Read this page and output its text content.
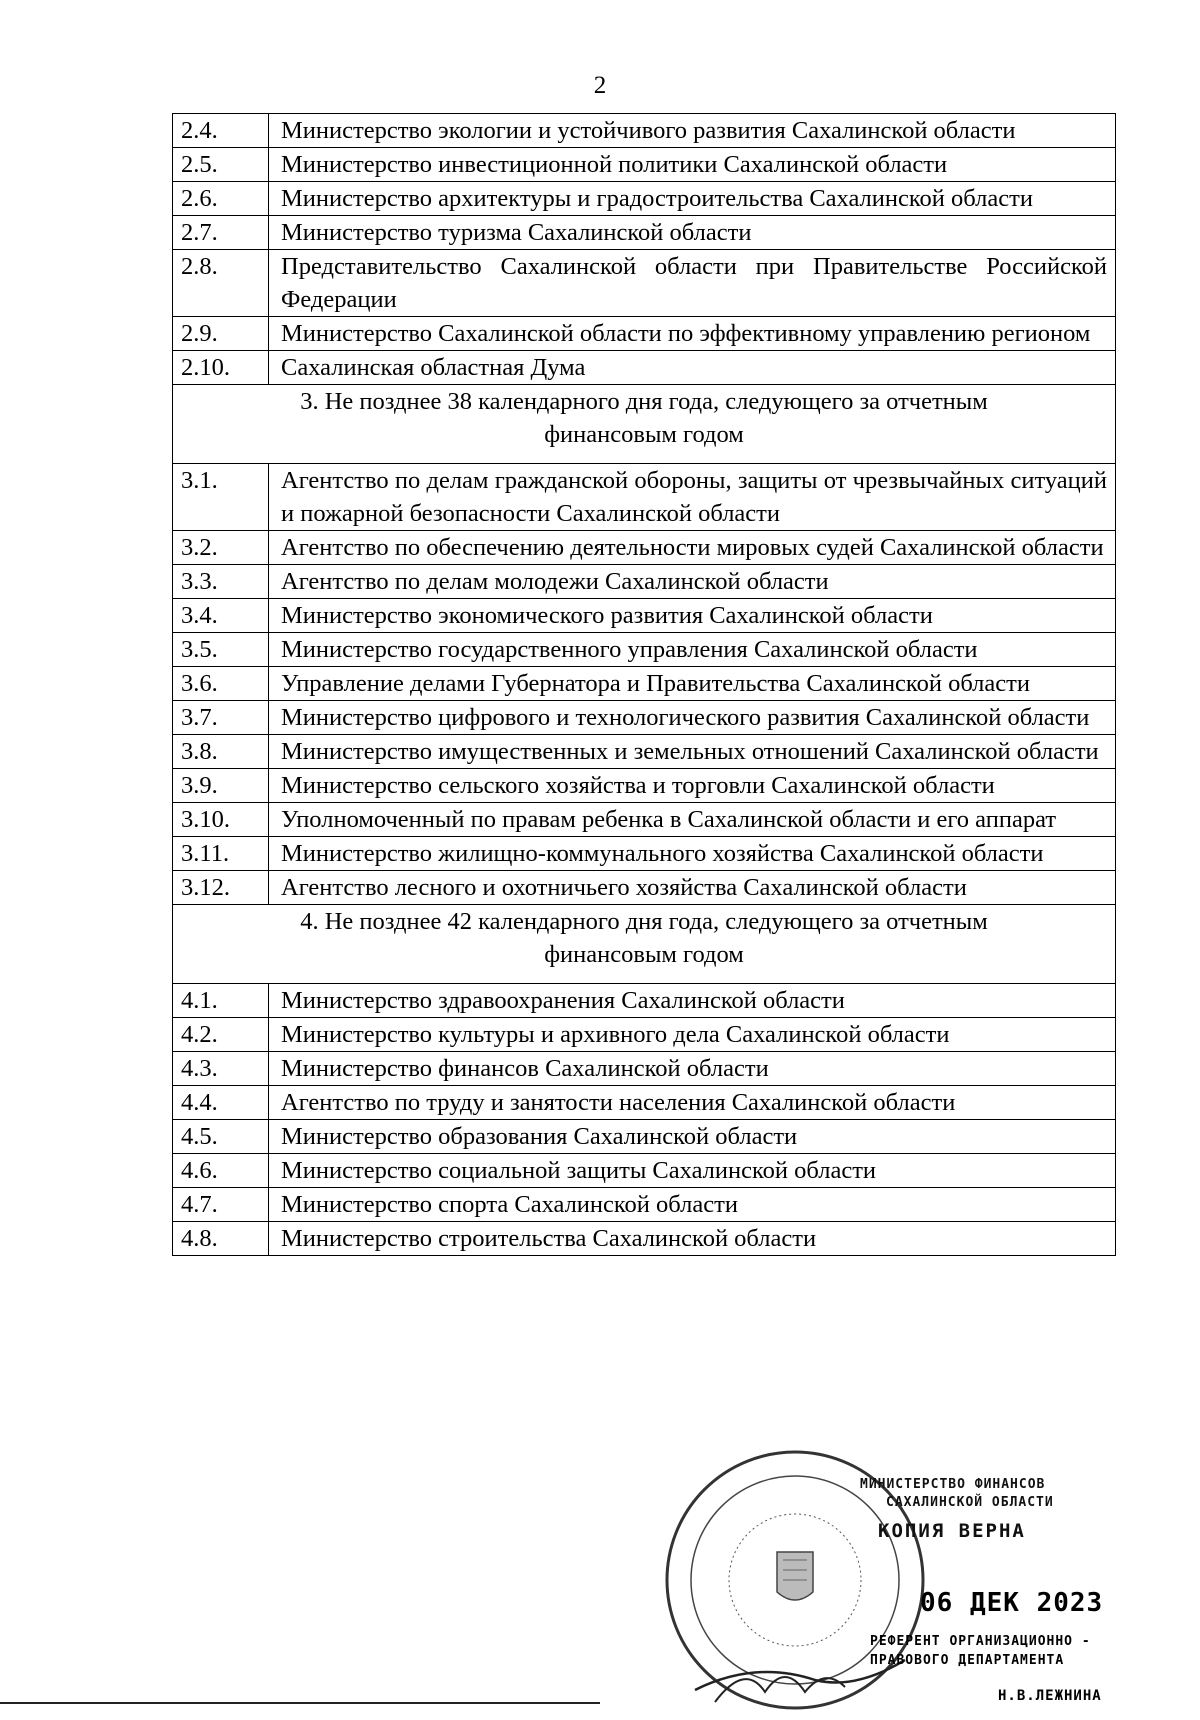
2
2.4.	Министерство экологии и устойчивого развития Сахалинской области
2.5.	Министерство инвестиционной политики Сахалинской области
2.6.	Министерство архитектуры и градостроительства Сахалинской области
2.7.	Министерство туризма Сахалинской области
2.8.	Представительство Сахалинской области при Правительстве Российской Федерации
2.9.	Министерство Сахалинской области по эффективному управлению регионом
2.10.	Сахалинская областная Дума
3. Не позднее 38 календарного дня года, следующего за отчетным финансовым годом	
3.1.	Агентство по делам гражданской обороны, защиты от чрезвычайных ситуаций и пожарной безопасности Сахалинской области
3.2.	Агентство по обеспечению деятельности мировых судей Сахалинской области
3.3.	Агентство по делам молодежи Сахалинской области
3.4.	Министерство экономического развития Сахалинской области
3.5.	Министерство государственного управления Сахалинской области
3.6.	Управление делами Губернатора и Правительства Сахалинской области
3.7.	Министерство цифрового и технологического развития Сахалинской области
3.8.	Министерство имущественных и земельных отношений Сахалинской области
3.9.	Министерство сельского хозяйства и торговли Сахалинской области
3.10.	Уполномоченный по правам ребенка в Сахалинской области и его аппарат
3.11.	Министерство жилищно-коммунального хозяйства Сахалинской области
3.12.	Агентство лесного и охотничьего хозяйства Сахалинской области
4. Не позднее 42 календарного дня года, следующего за отчетным финансовым годом	
4.1.	Министерство здравоохранения Сахалинской области
4.2.	Министерство культуры и архивного дела Сахалинской области
4.3.	Министерство финансов Сахалинской области
4.4.	Агентство по труду и занятости населения Сахалинской области
4.5.	Министерство образования Сахалинской области
4.6.	Министерство социальной защиты Сахалинской области
4.7.	Министерство спорта Сахалинской области
4.8.	Министерство строительства Сахалинской области
МИНИСТЕРСТВО ФИНАНСОВ
САХАЛИНСКОЙ ОБЛАСТИ
КОПИЯ ВЕРНА
06 ДЕК 2023
РЕФЕРЕНТ ОРГАНИЗАЦИОННО -
ПРАВОВОГО ДЕПАРТАМЕНТА
Н.В.ЛЕЖНИНА
